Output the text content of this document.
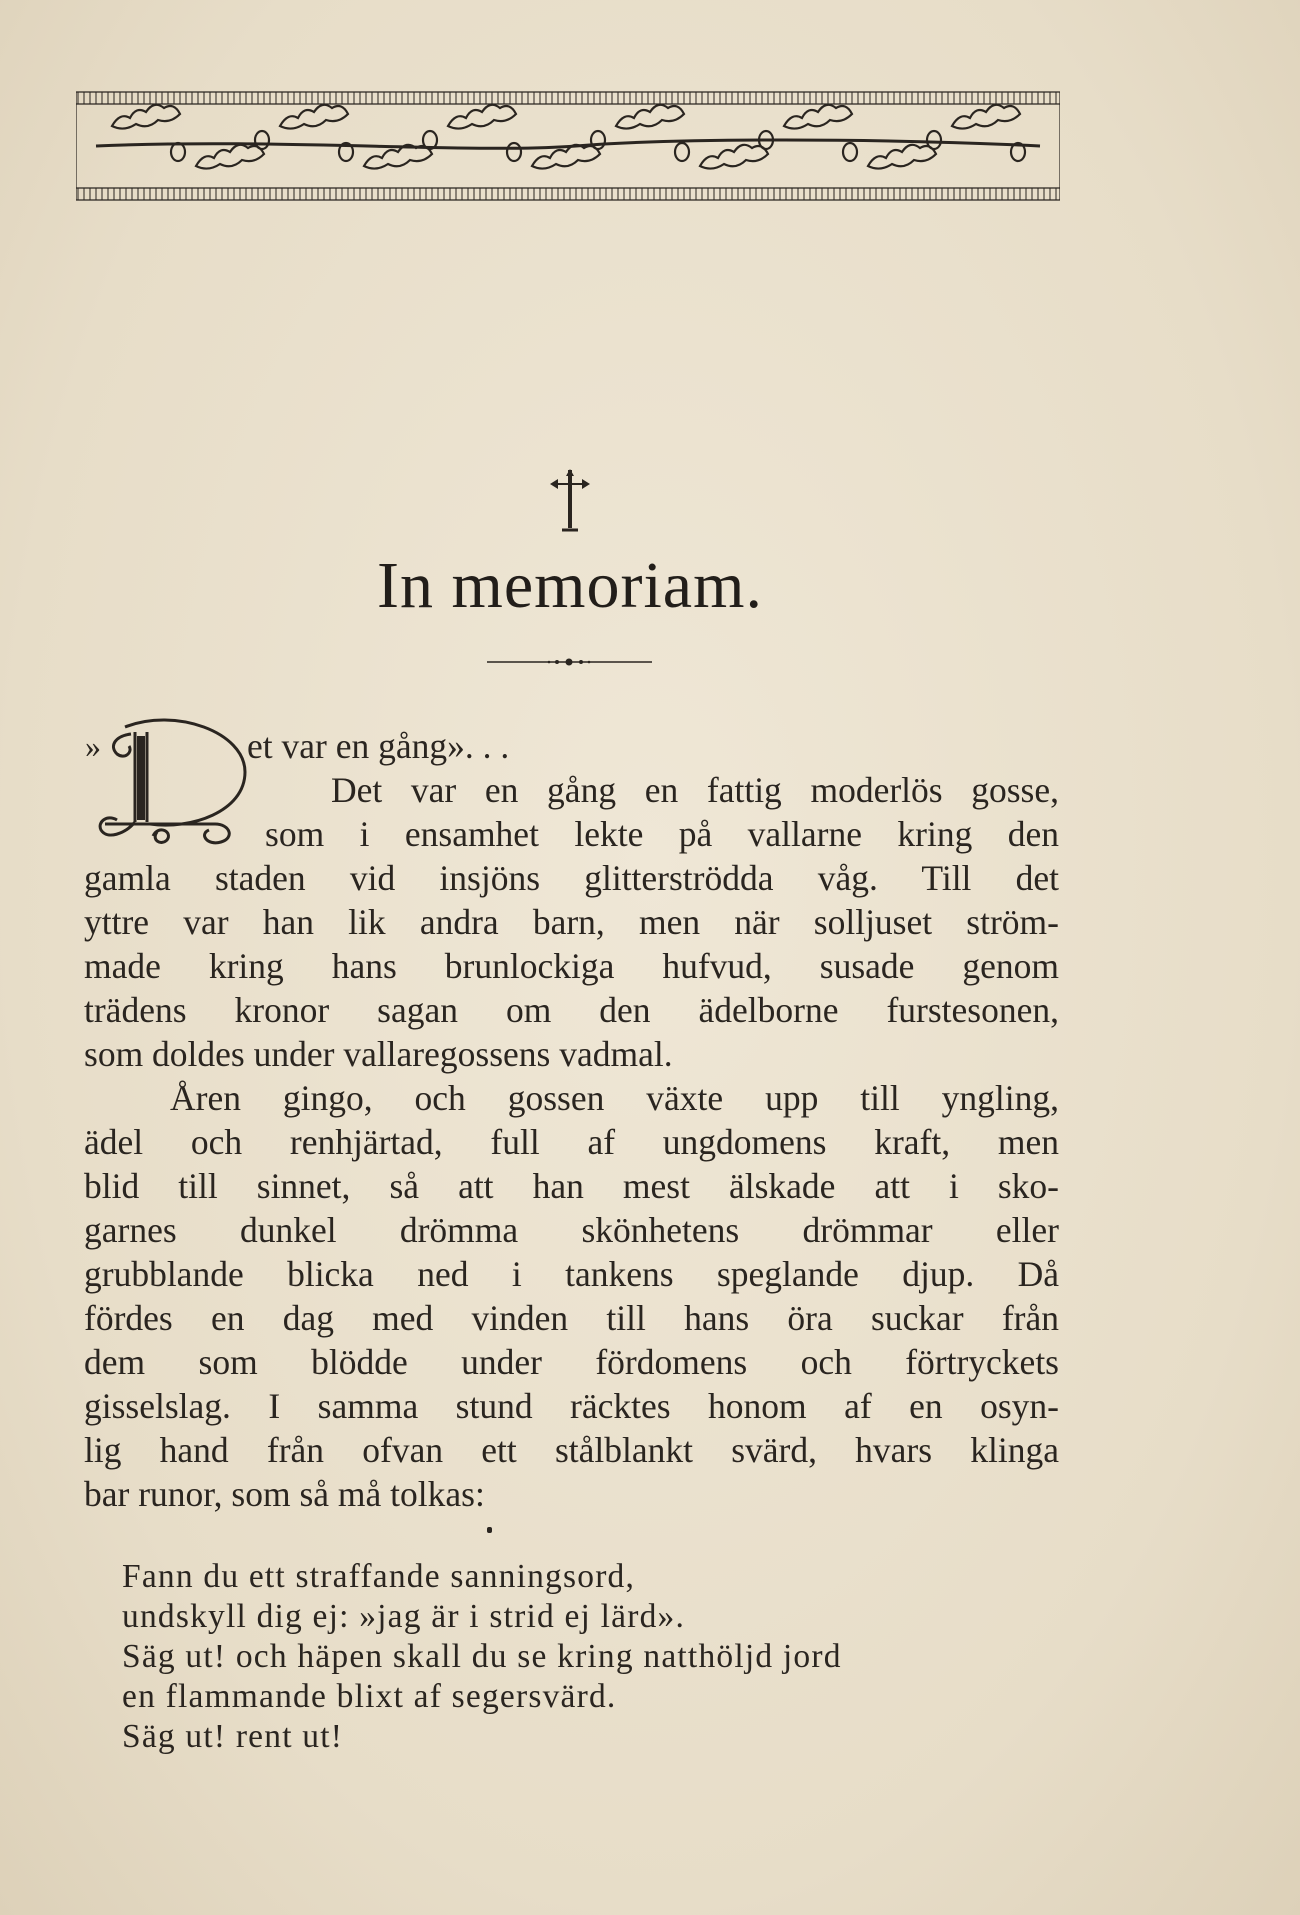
In memoriam.
»	et var en gång». . .
Det var en gång en fattig moderlös gosse,
som i ensamhet lekte på vallarne kring den
gamla staden vid insjöns glitterströdda våg. Till det
yttre var han lik andra barn, men när solljuset ström-
made kring hans brunlockiga hufvud, susade genom
trädens kronor sagan om den ädelborne furstesonen,
som doldes under vallaregossens vadmal.
Åren gingo, och gossen växte upp till yngling,
ädel och renhjärtad, full af ungdomens kraft, men
blid till sinnet, så att han mest älskade att i sko-
garnes dunkel drömma skönhetens drömmar eller
grubblande blicka ned i tankens speglande djup. Då
fördes en dag med vinden till hans öra suckar från
dem som blödde under fördomens och förtryckets
gisselslag. I samma stund räcktes honom af en osyn-
lig hand från ofvan ett stålblankt svärd, hvars klinga
bar runor, som så må tolkas:
Fann du ett straffande sanningsord,
undskyll dig ej: »jag är i strid ej lärd».
Säg ut! och häpen skall du se kring natthöljd jord
en flammande blixt af segersvärd.
Säg ut! rent ut!
